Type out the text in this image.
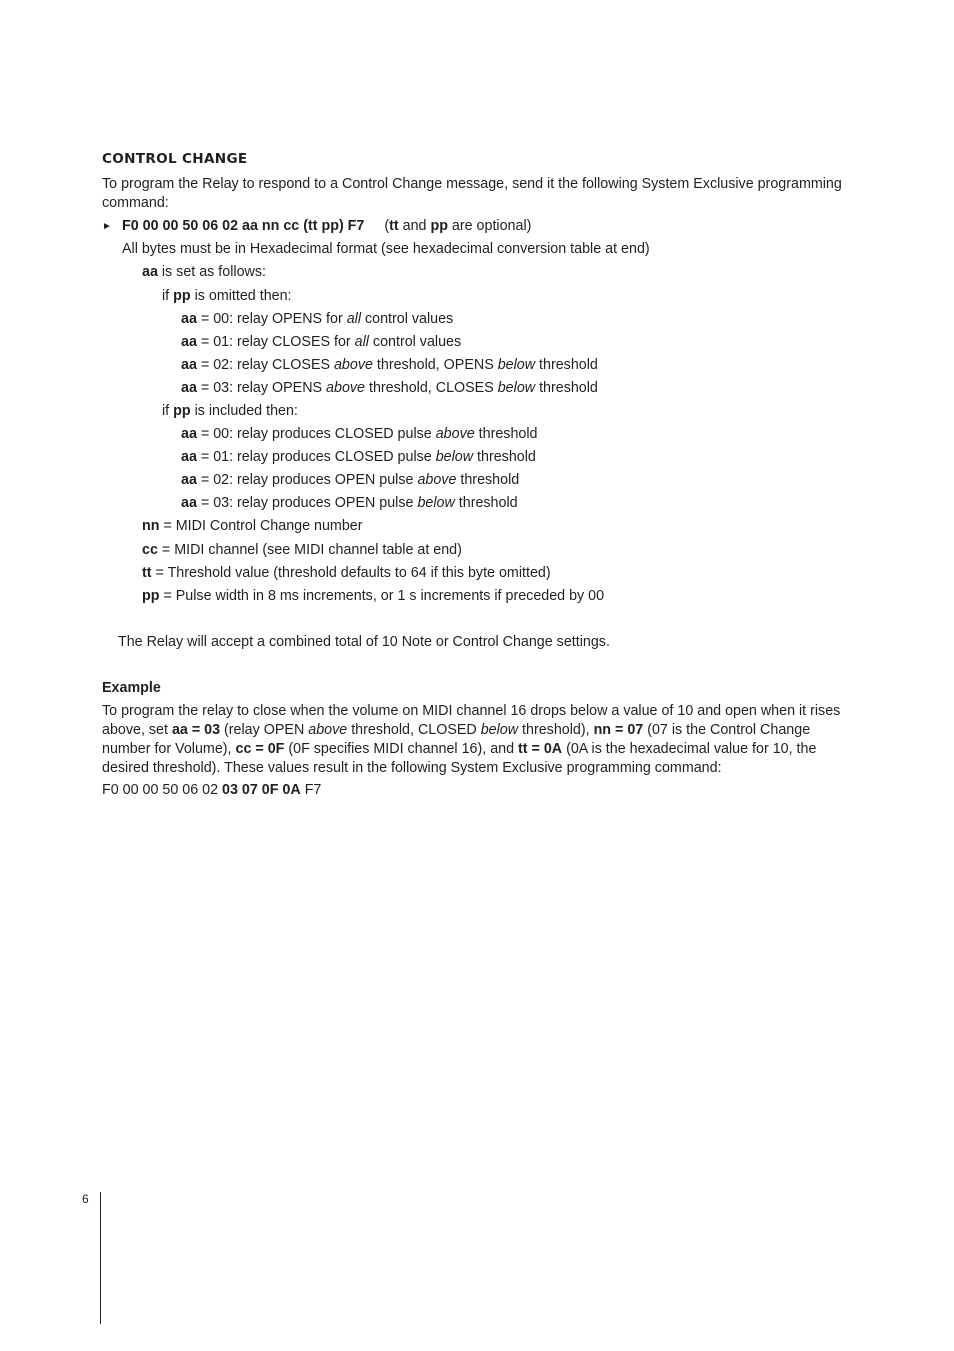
CONTROL CHANGE
To program the Relay to respond to a Control Change message, send it the following System Exclusive programming command:
► F0 00 00 50 06 02 aa nn cc (tt pp) F7 (tt and pp are optional)
All bytes must be in Hexadecimal format (see hexadecimal conversion table at end)
aa is set as follows:
if pp is omitted then:
aa = 00: relay OPENS for all control values
aa = 01: relay CLOSES for all control values
aa = 02: relay CLOSES above threshold, OPENS below threshold
aa = 03: relay OPENS above threshold, CLOSES below threshold
if pp is included then:
aa = 00: relay produces CLOSED pulse above threshold
aa = 01: relay produces CLOSED pulse below threshold
aa = 02: relay produces OPEN pulse above threshold
aa = 03: relay produces OPEN pulse below threshold
nn = MIDI Control Change number
cc = MIDI channel (see MIDI channel table at end)
tt = Threshold value (threshold defaults to 64 if this byte omitted)
pp = Pulse width in 8 ms increments, or 1 s increments if preceded by 00
The Relay will accept a combined total of 10 Note or Control Change settings.
Example
To program the relay to close when the volume on MIDI channel 16 drops below a value of 10 and open when it rises above, set aa = 03 (relay OPEN above threshold, CLOSED below threshold), nn = 07 (07 is the Control Change number for Volume), cc = 0F (0F specifies MIDI channel 16), and tt = 0A (0A is the hexadecimal value for 10, the desired threshold). These values result in the following System Exclusive programming command:
F0 00 00 50 06 02 03 07 0F 0A F7
6
